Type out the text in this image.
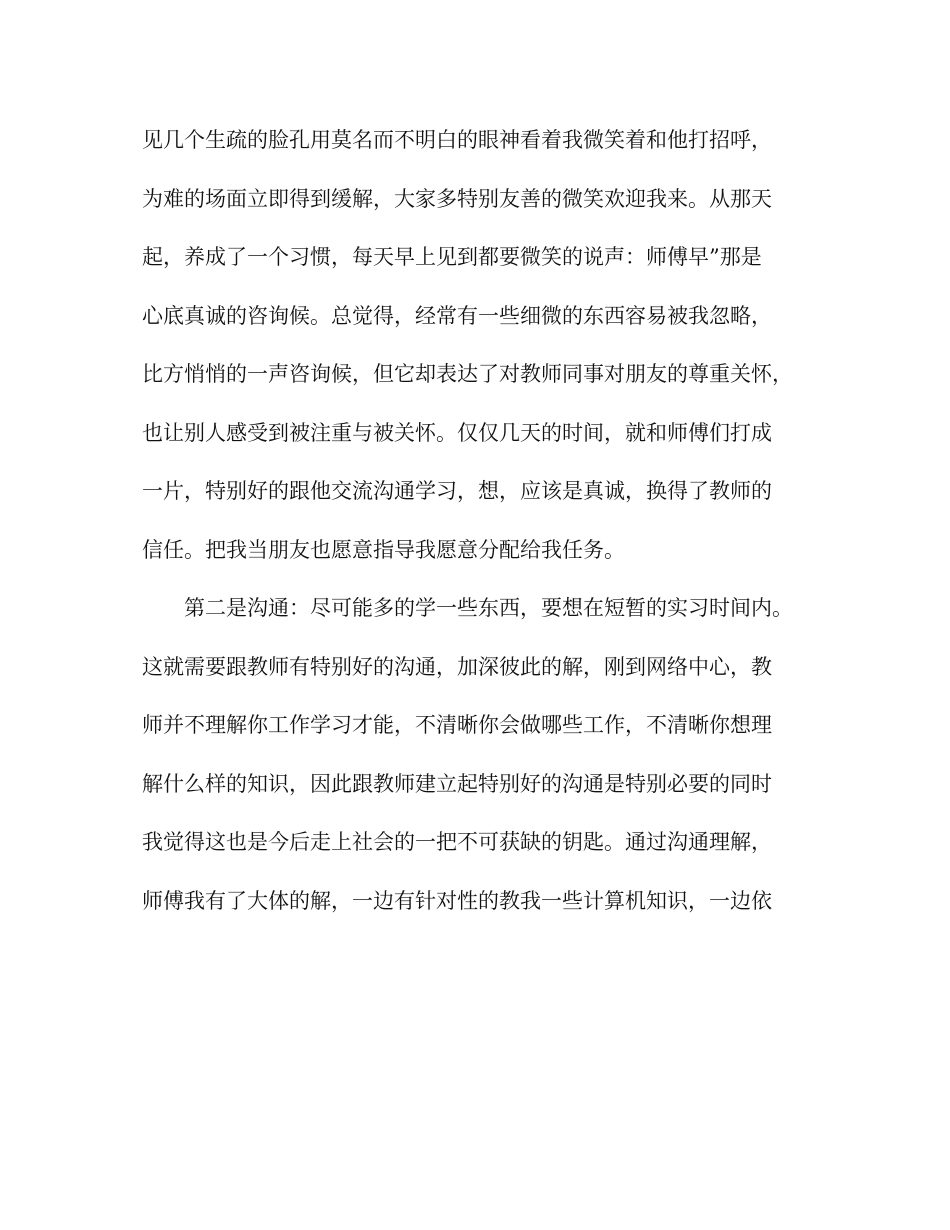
见几个生疏的脸孔用莫名而不明白的眼神看着我微笑着和他打招呼，
为难的场面立即得到缓解，大家多特别友善的微笑欢迎我来。从那天
起，养成了一个习惯，每天早上见到都要微笑的说声：师傅早”那是
心底真诚的咨询候。总觉得，经常有一些细微的东西容易被我忽略，
比方悄悄的一声咨询候，但它却表达了对教师同事对朋友的尊重关怀，
也让别人感受到被注重与被关怀。仅仅几天的时间，就和师傅们打成
一片，特别好的跟他交流沟通学习，想，应该是真诚，换得了教师的
信任。把我当朋友也愿意指导我愿意分配给我任务。
第二是沟通：尽可能多的学一些东西，要想在短暂的实习时间内。
这就需要跟教师有特别好的沟通，加深彼此的解，刚到网络中心，教
师并不理解你工作学习才能，不清晰你会做哪些工作，不清晰你想理
解什么样的知识，因此跟教师建立起特别好的沟通是特别必要的同时
我觉得这也是今后走上社会的一把不可获缺的钥匙。通过沟通理解，
师傅我有了大体的解，一边有针对性的教我一些计算机知识，一边依
